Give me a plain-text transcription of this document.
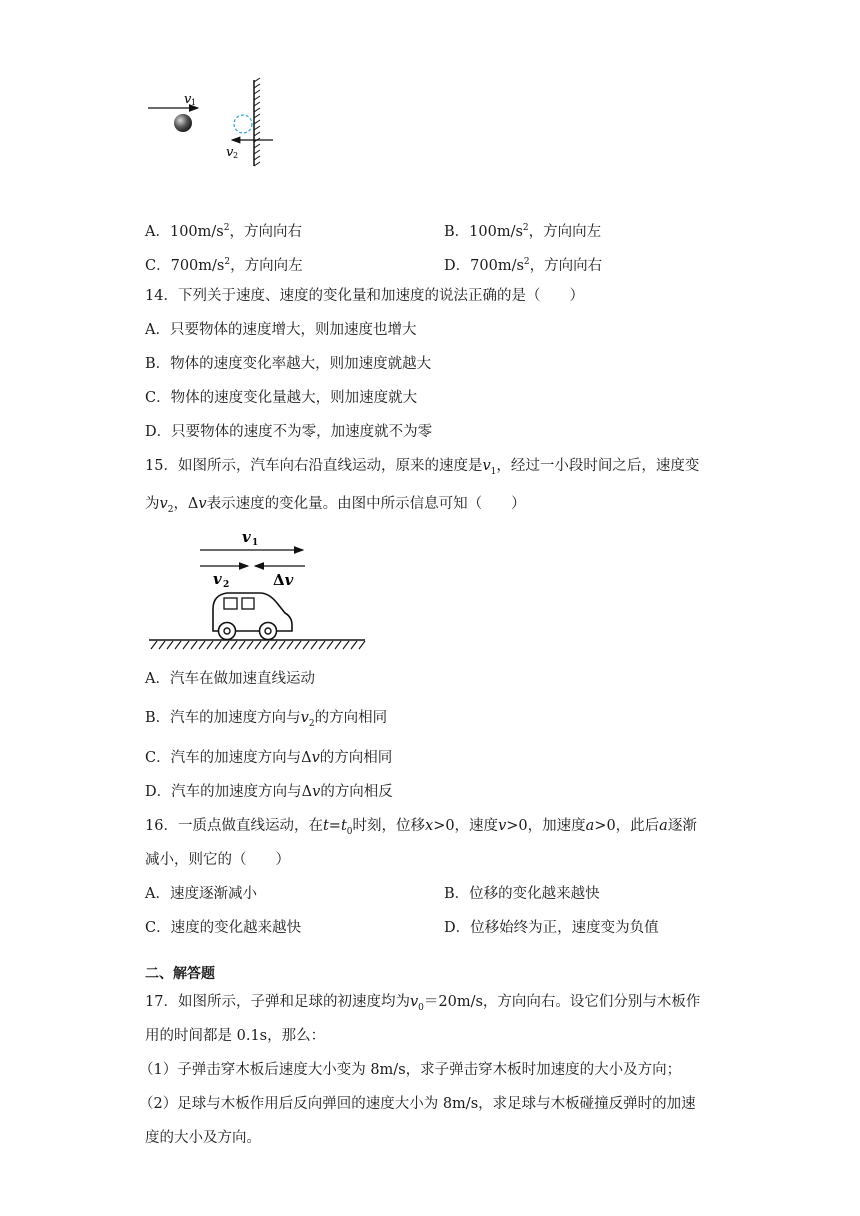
v 1
v 2
A．$100m/s^2$，方向向右	B．$100m/s^2$，方向向左
C．$700m/s^2$，方向向左	D．$700m/s^2$，方向向右
14．下列关于速度、速度的变化量和加速度的说法正确的是（　　）
A．只要物体的速度增大，则加速度也增大
B．物体的速度变化率越大，则加速度就越大
C．物体的速度变化量越大，则加速度就大
D．只要物体的速度不为零，加速度就不为零
15．如图所示，汽车向右沿直线运动，原来的速度是$v_1$，经过一小段时间之后，速度变
为$v_2$，Δv表示速度的变化量。由图中所示信息可知（　　）
v 1
v 2	Δv
A．汽车在做加速直线运动
B．汽车的加速度方向与$v_2$的方向相同
C．汽车的加速度方向与Δv的方向相同
D．汽车的加速度方向与Δv的方向相反
16．一质点做直线运动，在$t=t_0$时刻，位移x>0，速度v>0，加速度a>0，此后a逐渐
减小，则它的（　　）
A．速度逐渐减小	B．位移的变化越来越快
C．速度的变化越来越快	D．位移始终为正，速度变为负值
二、解答题
17．如图所示，子弹和足球的初速度均为$v_0=20m/s$，方向向右。设它们分别与木板作
用的时间都是 0.1s，那么：
（1）子弹击穿木板后速度大小变为 8m/s，求子弹击穿木板时加速度的大小及方向；
（2）足球与木板作用后反向弹回的速度大小为 8m/s，求足球与木板碰撞反弹时的加速
度的大小及方向。
